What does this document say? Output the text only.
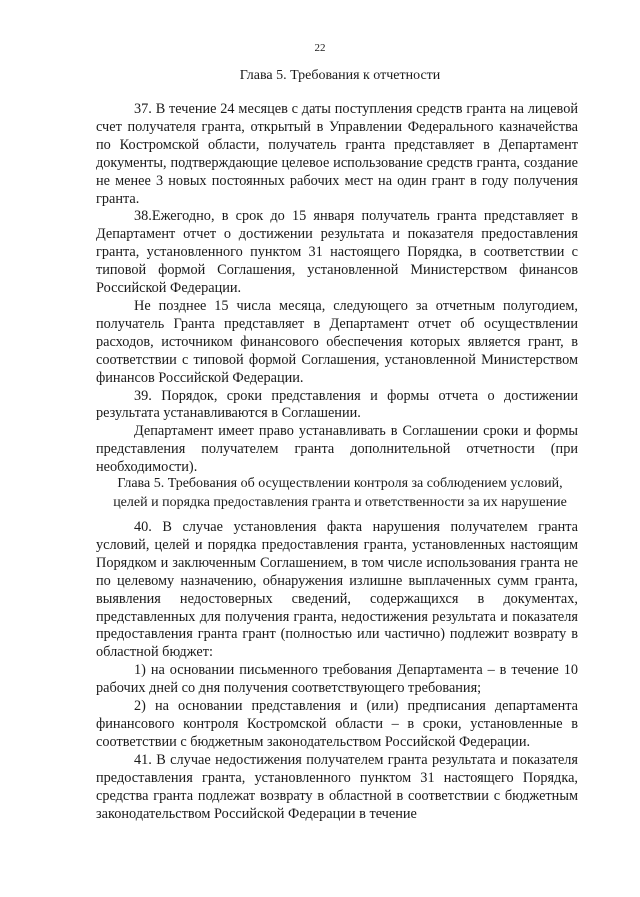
22
Глава 5. Требования к отчетности

37. В течение 24 месяцев с даты поступления средств гранта на лицевой счет получателя гранта, открытый в Управлении Федерального казначейства по Костромской области, получатель гранта представляет в Департамент документы, подтверждающие целевое использование средств гранта, создание не менее 3 новых постоянных рабочих мест на один грант в году получения гранта.

38.Ежегодно, в срок до 15 января получатель гранта представляет в Департамент отчет о достижении результата и показателя предоставления гранта, установленного пунктом 31 настоящего Порядка, в соответствии с типовой формой Соглашения, установленной Министерством финансов Российской Федерации.

Не позднее 15 числа месяца, следующего за отчетным полугодием, получатель Гранта представляет в Департамент отчет об осуществлении расходов, источником финансового обеспечения которых является грант, в соответствии с типовой формой Соглашения, установленной Министерством финансов Российской Федерации.

39. Порядок, сроки представления и формы отчета о достижении результата устанавливаются в Соглашении.

Департамент имеет право устанавливать в Соглашении сроки и формы представления получателем гранта дополнительной отчетности (при необходимости).

Глава 5. Требования об осуществлении контроля за соблюдением условий, целей и порядка предоставления гранта и ответственности за их нарушение

40. В случае установления факта нарушения получателем гранта условий, целей и порядка предоставления гранта, установленных настоящим Порядком и заключенным Соглашением, в том числе использования гранта не по целевому назначению, обнаружения излишне выплаченных сумм гранта, выявления недостоверных сведений, содержащихся в документах, представленных для получения гранта, недостижения результата и показателя предоставления гранта грант (полностью или частично) подлежит возврату в областной бюджет:

1) на основании письменного требования Департамента – в течение 10 рабочих дней со дня получения соответствующего требования;

2) на основании представления и (или) предписания департамента финансового контроля Костромской области – в сроки, установленные в соответствии с бюджетным законодательством Российской Федерации.

41. В случае недостижения получателем гранта результата и показателя предоставления гранта, установленного пунктом 31 настоящего Порядка, средства гранта подлежат возврату в областной в соответствии с бюджетным законодательством Российской Федерации в течение
